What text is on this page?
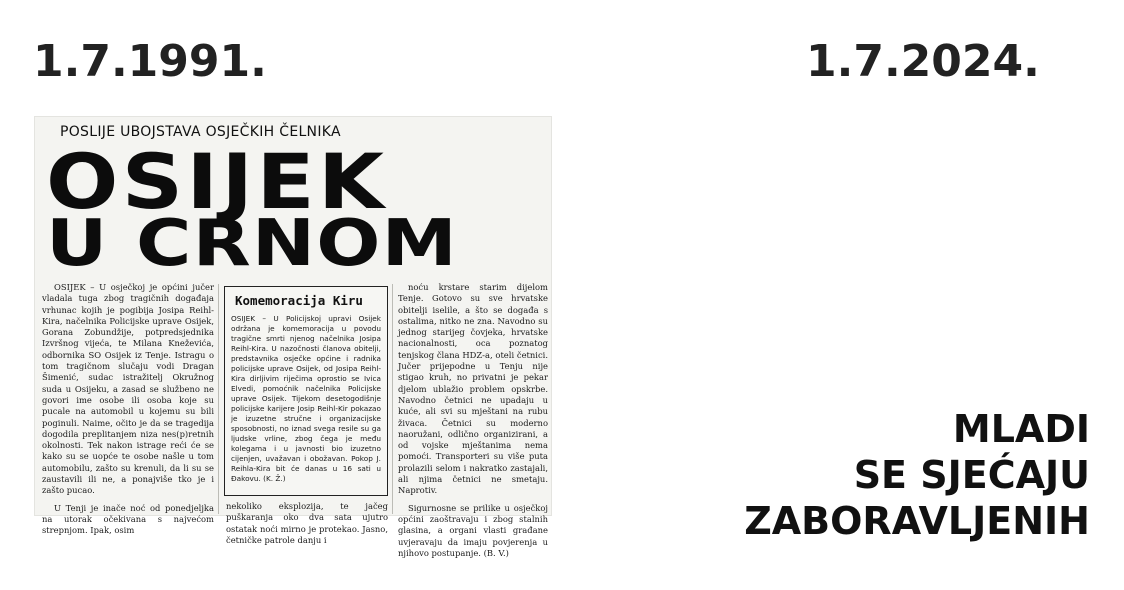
1.7.1991.	1.7.2024.
POSLIJE UBOJSTAVA OSJEČKIH ČELNIKA
OSIJEK
U CRNOM

OSIJEK – U osječkoj je općini jučer vladala tuga zbog tragičnih događaja vrhunac kojih je pogibija Josipa Reihl-Kira, načelnika Policijske uprave Osijek, Gorana Zobundžije, potpredsjednika Izvršnog vijeća, te Milana Kneževića, odbornika SO Osijek iz Tenje. Istragu o tom tragičnom slučaju vodi Dragan Šimenić, sudac istražitelj Okružnog suda u Osijeku, a zasad se službeno ne govori ime osobe ili osoba koje su pucale na automobil u kojemu su bili poginuli. Naime, očito je da se tragedija dogodila preplitanjem niza nes(p)retnih okolnosti. Tek nakon istrage reći će se kako su se uopće te osobe našle u tom automobilu, zašto su krenuli, da li su se zaustavili ili ne, a ponajviše tko je i zašto pucao.

U Tenji je inače noć od ponedjeljka na utorak očekivana s najvećom strepnjom. Ipak, osim

Komemoracija Kiru

OSIJEK – U Policijskoj upravi Osijek održana je komemoracija u povodu tragične smrti njenog načelnika Josipa Reihl-Kira. U nazočnosti članova obitelji, predstavnika osječke općine i radnika policijske uprave Osijek, od Josipa Reihl-Kira dirljivim riječima oprostio se Ivica Elvedi, pomoćnik načelnika Policijske uprave Osijek. Tijekom desetogodišnje policijske karijere Josip Reihl-Kir pokazao je izuzetne stručne i organizacijske sposobnosti, no iznad svega resile su ga ljudske vrline, zbog čega je među kolegama i u javnosti bio izuzetno cijenjen, uvažavan i obožavan. Pokop J. Reihla-Kira bit će danas u 16 sati u Đakovu. (K. Ž.)

nekoliko eksplozija, te jačeg puškaranja oko dva sata ujutro ostatak noći mirno je protekao. Jasno, četničke patrole danju i

noću krstare starim dijelom Tenje. Gotovo su sve hrvatske obitelji iselile, a što se događa s ostalima, nitko ne zna. Navodno su jednog starijeg čovjeka, hrvatske nacionalnosti, oca poznatog tenjskog člana HDZ-a, oteli četnici. Jučer prijepodne u Tenju nije stigao kruh, no privatni je pekar djelom ublažio problem opskrbe. Navodno četnici ne upadaju u kuće, ali svi su mještani na rubu živaca. Četnici su moderno naoružani, odlično organizirani, a od vojske mještanima nema pomoći. Transporteri su više puta prolazili selom i nakratko zastajali, ali njima četnici ne smetaju. Naprotiv.

Sigurnosne se prilike u osječkoj općini zaoštravaju i zbog stalnih glasina, a organi vlasti građane uvjeravaju da imaju povjerenja u njihovo postupanje. (B. V.)

MLADI
SE SJEĆAJU
ZABORAVLJENIH
